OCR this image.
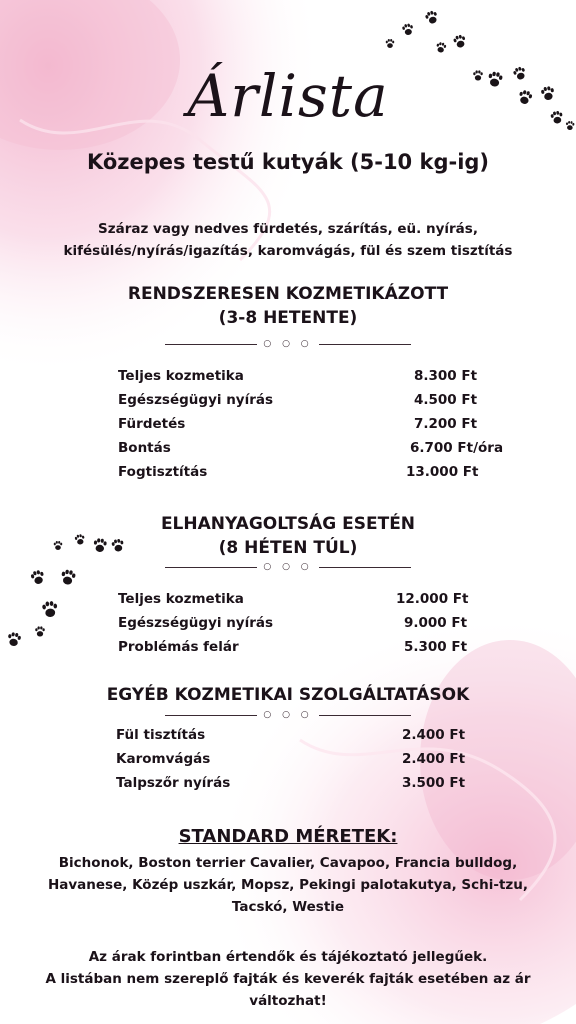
Árlista
Közepes testű kutyák (5-10 kg-ig)
Száraz vagy nedves fürdetés, szárítás, eü. nyírás,
kifésülés/nyírás/igazítás, karomvágás, fül és szem tisztítás
RENDSZERESEN KOZMETIKÁZOTT
(3-8 HETENTE)
○ ○ ○
Teljes kozmetika	8.300 Ft
Egészségügyi nyírás	4.500 Ft
Fürdetés	7.200 Ft
Bontás	6.700 Ft/óra
Fogtisztítás	13.000 Ft
ELHANYAGOLTSÁG ESETÉN
(8 HÉTEN TÚL)
○ ○ ○
Teljes kozmetika	12.000 Ft
Egészségügyi nyírás	9.000 Ft
Problémás felár	5.300 Ft
EGYÉB KOZMETIKAI SZOLGÁLTATÁSOK
○ ○ ○
Fül tisztítás	2.400 Ft
Karomvágás	2.400 Ft
Talpszőr nyírás	3.500 Ft
STANDARD MÉRETEK:
Bichonok, Boston terrier Cavalier, Cavapoo, Francia bulldog,
Havanese, Közép uszkár, Mopsz, Pekingi palotakutya, Schi-tzu,
Tacskó, Westie
Az árak forintban értendők és tájékoztató jellegűek.
A listában nem szereplő fajták és keverék fajták esetében az ár
változhat!
